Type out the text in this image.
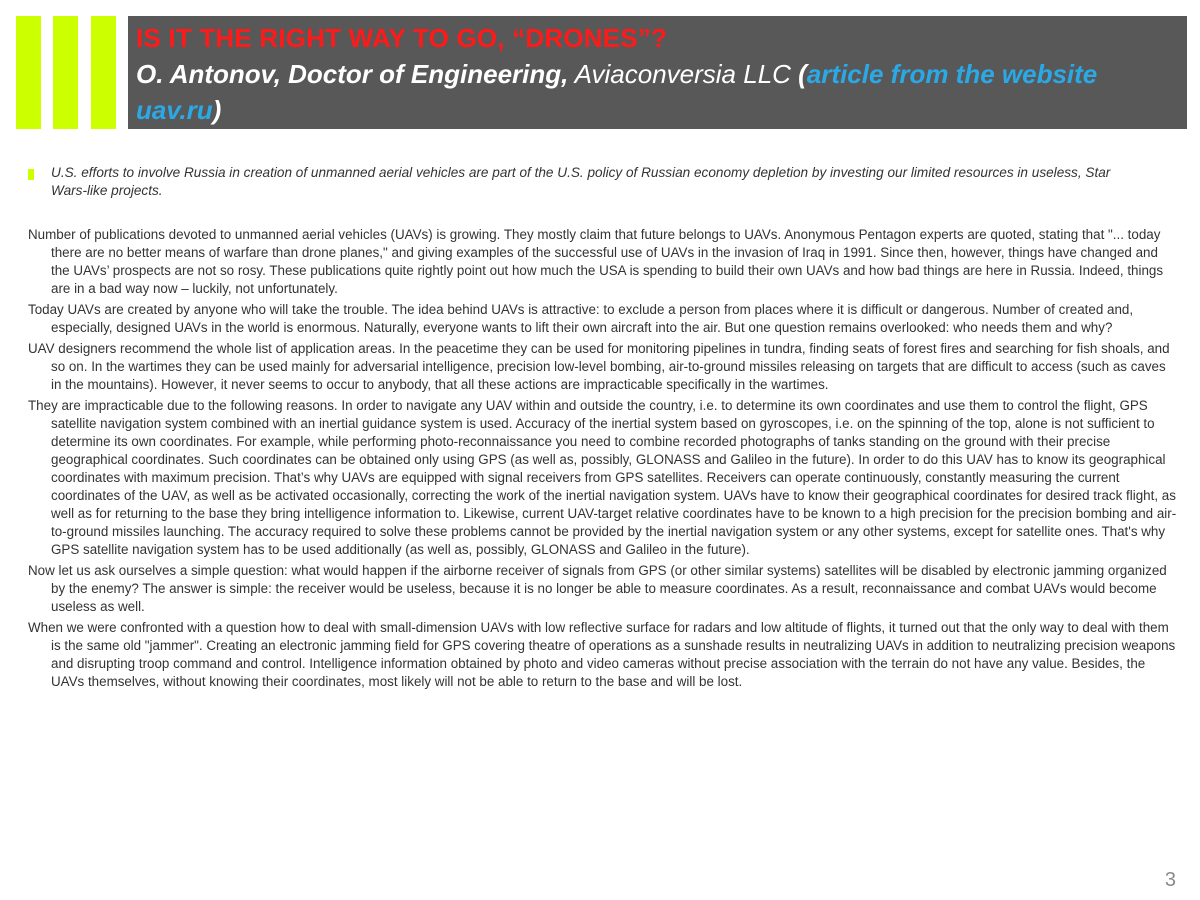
IS IT THE RIGHT WAY TO GO, “DRONES”?
O. Antonov, Doctor of Engineering, Aviaconversia LLC (article from the website uav.ru)
U.S. efforts to involve Russia in creation of unmanned aerial vehicles are part of the U.S. policy of Russian economy depletion by investing our limited resources in useless, Star Wars-like projects.

Number of publications devoted to unmanned aerial vehicles (UAVs) is growing. They mostly claim that future belongs to UAVs. Anonymous Pentagon experts are quoted, stating that "... today there are no better means of warfare than drone planes," and giving examples of the successful use of UAVs in the invasion of Iraq in 1991. Since then, however, things have changed and the UAVs’ prospects are not so rosy. These publications quite rightly point out how much the USA is spending to build their own UAVs and how bad things are here in Russia. Indeed, things are in a bad way now – luckily, not unfortunately.

Today UAVs are created by anyone who will take the trouble. The idea behind UAVs is attractive: to exclude a person from places where it is difficult or dangerous. Number of created and, especially, designed UAVs in the world is enormous. Naturally, everyone wants to lift their own aircraft into the air. But one question remains overlooked: who needs them and why?

UAV designers recommend the whole list of application areas. In the peacetime they can be used for monitoring pipelines in tundra, finding seats of forest fires and searching for fish shoals, and so on. In the wartimes they can be used mainly for adversarial intelligence, precision low-level bombing, air-to-ground missiles releasing on targets that are difficult to access (such as caves in the mountains). However, it never seems to occur to anybody, that all these actions are impracticable specifically in the wartimes.

They are impracticable due to the following reasons. In order to navigate any UAV within and outside the country, i.e. to determine its own coordinates and use them to control the flight, GPS satellite navigation system combined with an inertial guidance system is used. Accuracy of the inertial system based on gyroscopes, i.e. on the spinning of the top, alone is not sufficient to determine its own coordinates. For example, while performing photo-reconnaissance you need to combine recorded photographs of tanks standing on the ground with their precise geographical coordinates. Such coordinates can be obtained only using GPS (as well as, possibly, GLONASS and Galileo in the future). In order to do this UAV has to know its geographical coordinates with maximum precision. That’s why UAVs are equipped with signal receivers from GPS satellites. Receivers can operate continuously, constantly measuring the current coordinates of the UAV, as well as be activated occasionally, correcting the work of the inertial navigation system. UAVs have to know their geographical coordinates for desired track flight, as well as for returning to the base they bring intelligence information to. Likewise, current UAV-target relative coordinates have to be known to a high precision for the precision bombing and air-to-ground missiles launching. The accuracy required to solve these problems cannot be provided by the inertial navigation system or any other systems, except for satellite ones. That's why GPS satellite navigation system has to be used additionally (as well as, possibly, GLONASS and Galileo in the future).

Now let us ask ourselves a simple question: what would happen if the airborne receiver of signals from GPS (or other similar systems) satellites will be disabled by electronic jamming organized by the enemy? The answer is simple: the receiver would be useless, because it is no longer be able to measure coordinates. As a result, reconnaissance and combat UAVs would become useless as well.

When we were confronted with a question how to deal with small-dimension UAVs with low reflective surface for radars and low altitude of flights, it turned out that the only way to deal with them is the same old "jammer". Creating an electronic jamming field for GPS covering theatre of operations as a sunshade results in neutralizing UAVs in addition to neutralizing precision weapons and disrupting troop command and control. Intelligence information obtained by photo and video cameras without precise association with the terrain do not have any value. Besides, the UAVs themselves, without knowing their coordinates, most likely will not be able to return to the base and will be lost.

3
